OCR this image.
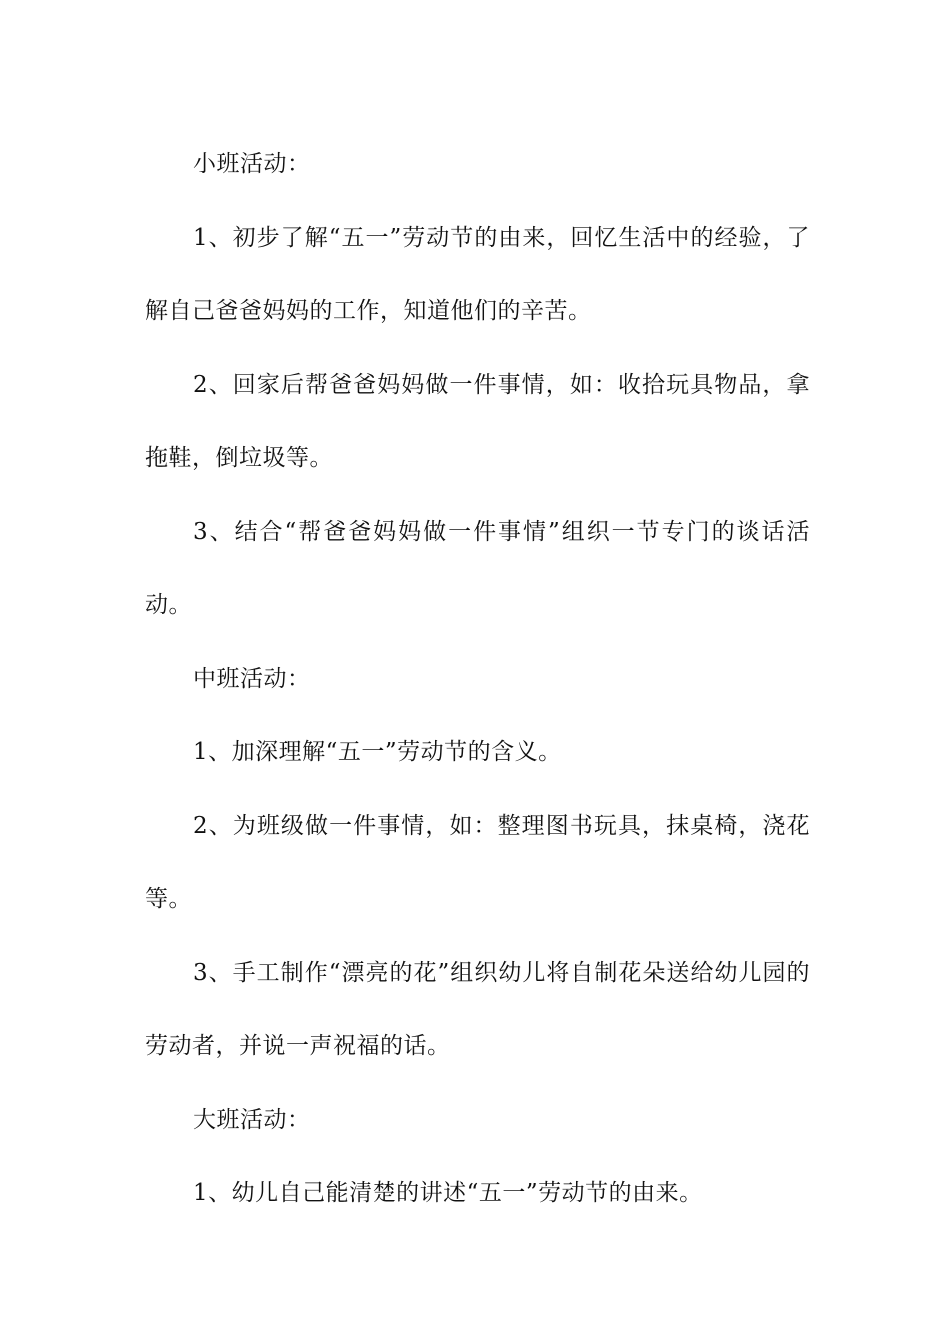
小班活动：

1、初步了解“五一”劳动节的由来，回忆生活中的经验，了解自己爸爸妈妈的工作，知道他们的辛苦。

2、回家后帮爸爸妈妈做一件事情，如：收拾玩具物品，拿拖鞋，倒垃圾等。

3、结合“帮爸爸妈妈做一件事情”组织一节专门的谈话活动。

中班活动：

1、加深理解“五一”劳动节的含义。

2、为班级做一件事情，如：整理图书玩具，抹桌椅，浇花等。

3、手工制作“漂亮的花”组织幼儿将自制花朵送给幼儿园的劳动者，并说一声祝福的话。

大班活动：

1、幼儿自己能清楚的讲述“五一”劳动节的由来。
